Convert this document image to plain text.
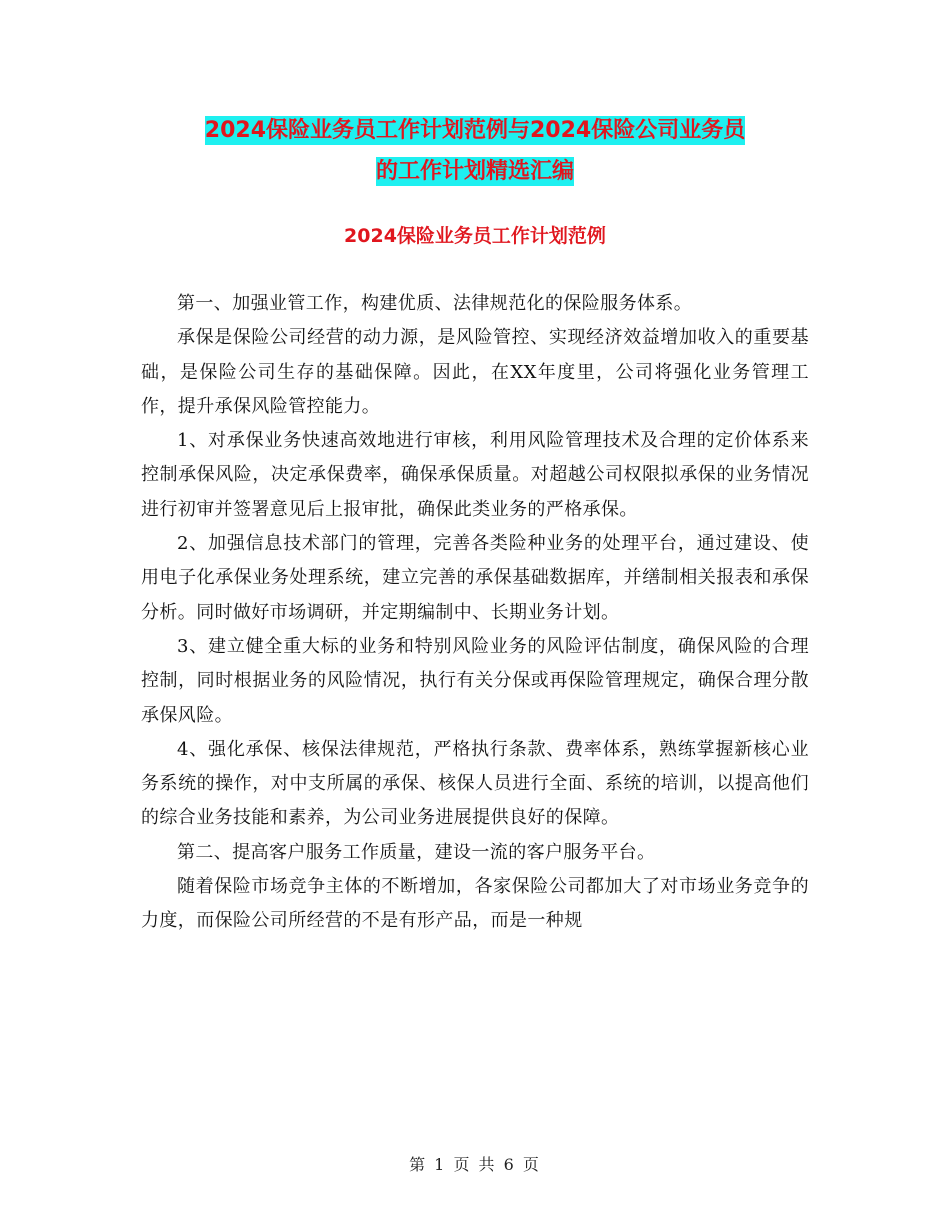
2024保险业务员工作计划范例与2024保险公司业务员
的工作计划精选汇编
2024保险业务员工作计划范例

第一、加强业管工作，构建优质、法律规范化的保险服务体系。

承保是保险公司经营的动力源，是风险管控、实现经济效益增加收入的重要基础，是保险公司生存的基础保障。因此，在XX年度里，公司将强化业务管理工作，提升承保风险管控能力。

1、对承保业务快速高效地进行审核，利用风险管理技术及合理的定价体系来控制承保风险，决定承保费率，确保承保质量。对超越公司权限拟承保的业务情况进行初审并签署意见后上报审批，确保此类业务的严格承保。

2、加强信息技术部门的管理，完善各类险种业务的处理平台，通过建设、使用电子化承保业务处理系统，建立完善的承保基础数据库，并缮制相关报表和承保分析。同时做好市场调研，并定期编制中、长期业务计划。

3、建立健全重大标的业务和特别风险业务的风险评估制度，确保风险的合理控制，同时根据业务的风险情况，执行有关分保或再保险管理规定，确保合理分散承保风险。

4、强化承保、核保法律规范，严格执行条款、费率体系，熟练掌握新核心业务系统的操作，对中支所属的承保、核保人员进行全面、系统的培训，以提高他们的综合业务技能和素养，为公司业务进展提供良好的保障。

第二、提高客户服务工作质量，建设一流的客户服务平台。

随着保险市场竞争主体的不断增加，各家保险公司都加大了对市场业务竞争的力度，而保险公司所经营的不是有形产品，而是一种规

第 1 页 共 6 页
